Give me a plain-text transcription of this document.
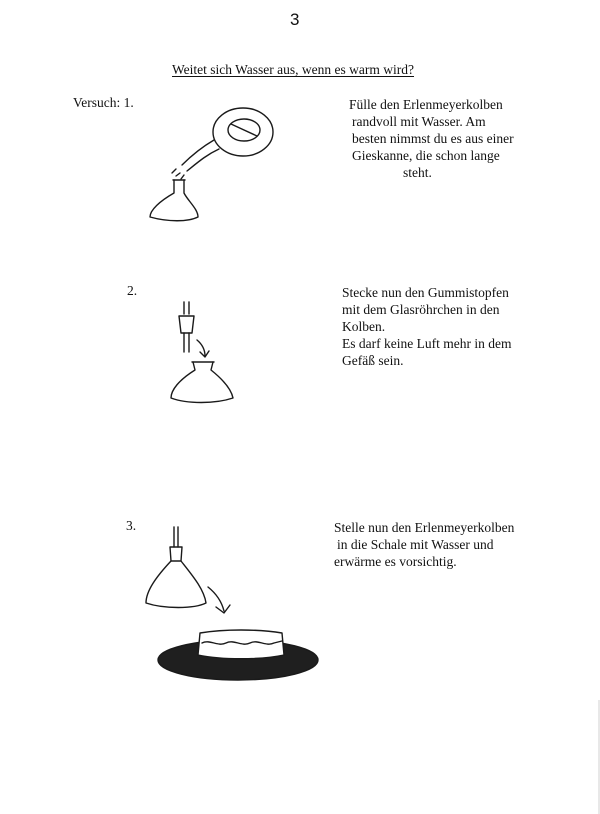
3
Weitet sich Wasser aus, wenn es warm wird?
Versuch: 1.	Fülle den Erlenmeyerkolben
randvoll mit Wasser. Am
besten nimmst du es aus einer
Gieskanne, die schon lange
steht.
2.	Stecke nun den Gummistopfen
mit dem Glasröhrchen in den
Kolben.
Es darf keine Luft mehr in dem
Gefäß sein.
3.	Stelle nun den Erlenmeyerkolben
in die Schale mit Wasser und
erwärme es vorsichtig.
